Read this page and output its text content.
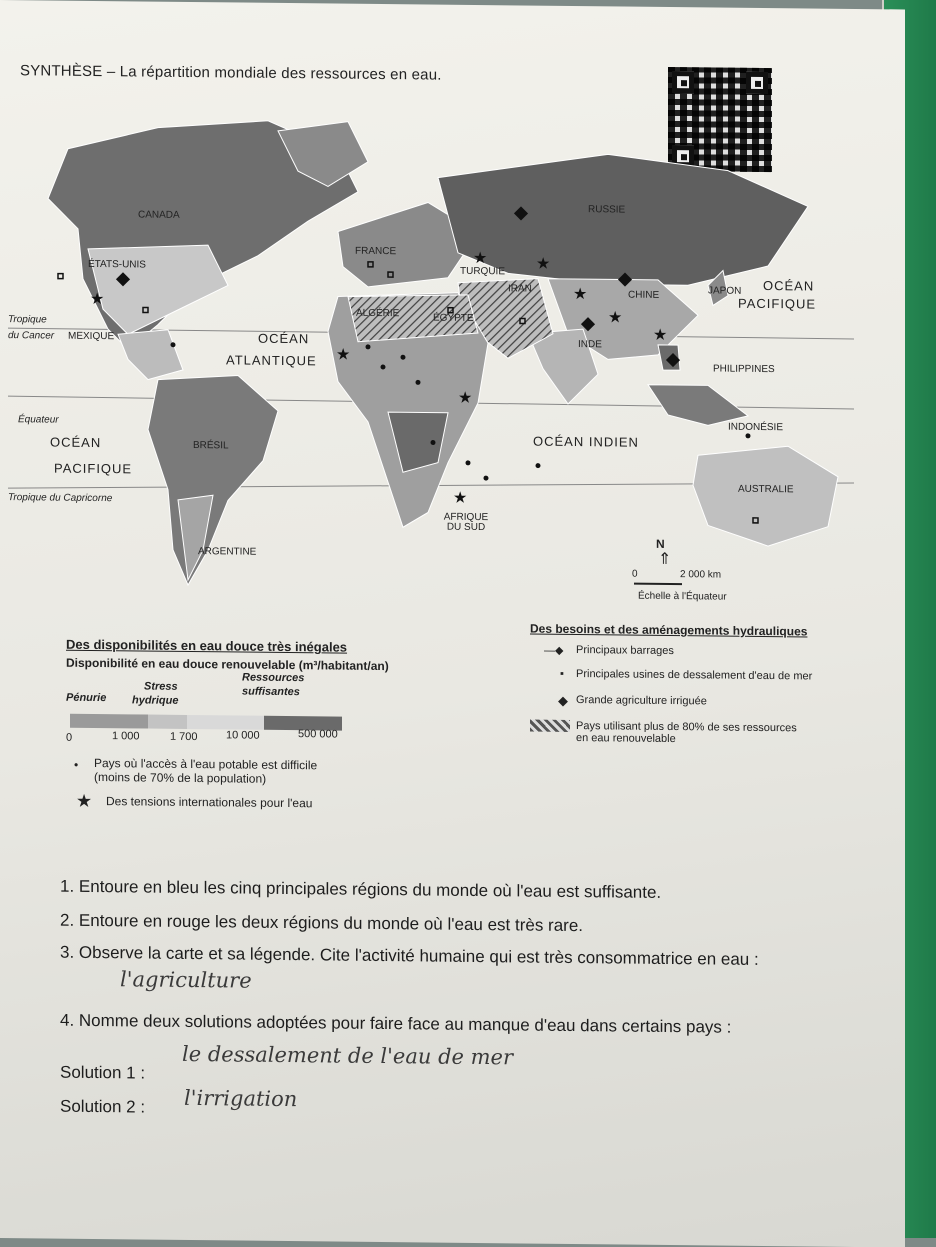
SYNTHÈSE – La répartition mondiale des ressources en eau.
★
★
★	★
★
★
★
★
★
CANADA
ÉTATS-UNIS
MEXIQUE
BRÉSIL
ARGENTINE
FRANCE
TURQUIE
IRAN
ALGÉRIE	ÉGYPTE
RUSSIE
CHINE	JAPON
INDE
PHILIPPINES
INDONÉSIE
AUSTRALIE
AFRIQUE DU SUD
OCÉAN
ATLANTIQUE
OCÉAN
PACIFIQUE
OCÉAN
PACIFIQUE
OCÉAN INDIEN
Tropique
du Cancer
Équateur
Tropique du Capricorne
N
⇑
0	2 000 km
Échelle à l'Équateur
Des disponibilités en eau douce très inégales
Disponibilité en eau douce renouvelable (m³/habitant/an)
Pénurie
Stress
hydrique
Ressources
suffisantes
0	1 000	1 700	10 000	500 000
• Pays où l'accès à l'eau potable est difficile
(moins de 70% de la population)
★ Des tensions internationales pour l'eau
Des besoins et des aménagements hydrauliques
—◆ Principaux barrages
▪ Principales usines de dessalement d'eau de mer
◆ Grande agriculture irriguée
Pays utilisant plus de 80% de ses ressources
en eau renouvelable
1. Entoure en bleu les cinq principales régions du monde où l'eau est suffisante.
2. Entoure en rouge les deux régions du monde où l'eau est très rare.
3. Observe la carte et sa légende. Cite l'activité humaine qui est très consommatrice en eau :
l'agriculture
4. Nomme deux solutions adoptées pour faire face au manque d'eau dans certains pays :
Solution 1 :
le dessalement de l'eau de mer
Solution 2 : l'irrigation
